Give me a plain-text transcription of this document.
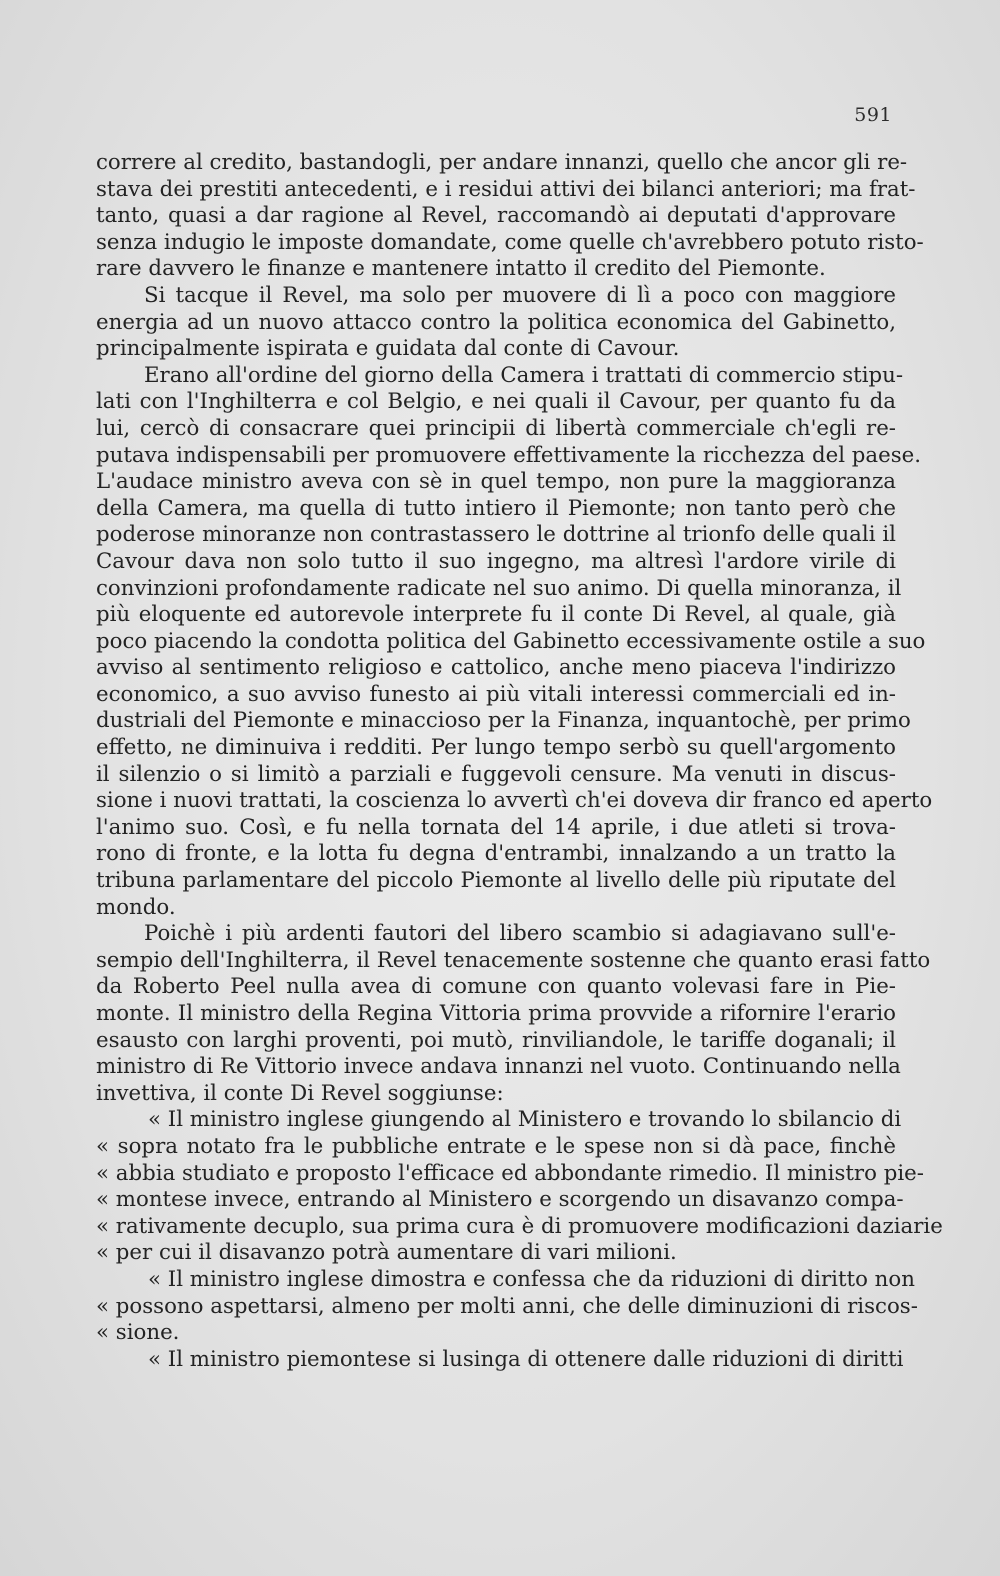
591
correre al credito, bastandogli, per andare innanzi, quello che ancor gli re-
stava dei prestiti antecedenti, e i residui attivi dei bilanci anteriori; ma frat-
tanto, quasi a dar ragione al Revel, raccomandò ai deputati d'approvare
senza indugio le imposte domandate, come quelle ch'avrebbero potuto risto-
rare davvero le finanze e mantenere intatto il credito del Piemonte.
Si tacque il Revel, ma solo per muovere di lì a poco con maggiore
energia ad un nuovo attacco contro la politica economica del Gabinetto,
principalmente ispirata e guidata dal conte di Cavour.
Erano all'ordine del giorno della Camera i trattati di commercio stipu-
lati con l'Inghilterra e col Belgio, e nei quali il Cavour, per quanto fu da
lui, cercò di consacrare quei principii di libertà commerciale ch'egli re-
putava indispensabili per promuovere effettivamente la ricchezza del paese.
L'audace ministro aveva con sè in quel tempo, non pure la maggioranza
della Camera, ma quella di tutto intiero il Piemonte; non tanto però che
poderose minoranze non contrastassero le dottrine al trionfo delle quali il
Cavour dava non solo tutto il suo ingegno, ma altresì l'ardore virile di
convinzioni profondamente radicate nel suo animo. Di quella minoranza, il
più eloquente ed autorevole interprete fu il conte Di Revel, al quale, già
poco piacendo la condotta politica del Gabinetto eccessivamente ostile a suo
avviso al sentimento religioso e cattolico, anche meno piaceva l'indirizzo
economico, a suo avviso funesto ai più vitali interessi commerciali ed in-
dustriali del Piemonte e minaccioso per la Finanza, inquantochè, per primo
effetto, ne diminuiva i redditi. Per lungo tempo serbò su quell'argomento
il silenzio o si limitò a parziali e fuggevoli censure. Ma venuti in discus-
sione i nuovi trattati, la coscienza lo avvertì ch'ei doveva dir franco ed aperto
l'animo suo. Così, e fu nella tornata del 14 aprile, i due atleti si trova-
rono di fronte, e la lotta fu degna d'entrambi, innalzando a un tratto la
tribuna parlamentare del piccolo Piemonte al livello delle più riputate del
mondo.
Poichè i più ardenti fautori del libero scambio si adagiavano sull'e-
sempio dell'Inghilterra, il Revel tenacemente sostenne che quanto erasi fatto
da Roberto Peel nulla avea di comune con quanto volevasi fare in Pie-
monte. Il ministro della Regina Vittoria prima provvide a rifornire l'erario
esausto con larghi proventi, poi mutò, rinviliandole, le tariffe doganali; il
ministro di Re Vittorio invece andava innanzi nel vuoto. Continuando nella
invettiva, il conte Di Revel soggiunse:
« Il ministro inglese giungendo al Ministero e trovando lo sbilancio di
« sopra notato fra le pubbliche entrate e le spese non si dà pace, finchè
« abbia studiato e proposto l'efficace ed abbondante rimedio. Il ministro pie-
« montese invece, entrando al Ministero e scorgendo un disavanzo compa-
« rativamente decuplo, sua prima cura è di promuovere modificazioni daziarie
« per cui il disavanzo potrà aumentare di vari milioni.
« Il ministro inglese dimostra e confessa che da riduzioni di diritto non
« possono aspettarsi, almeno per molti anni, che delle diminuzioni di riscos-
« sione.
« Il ministro piemontese si lusinga di ottenere dalle riduzioni di diritti
